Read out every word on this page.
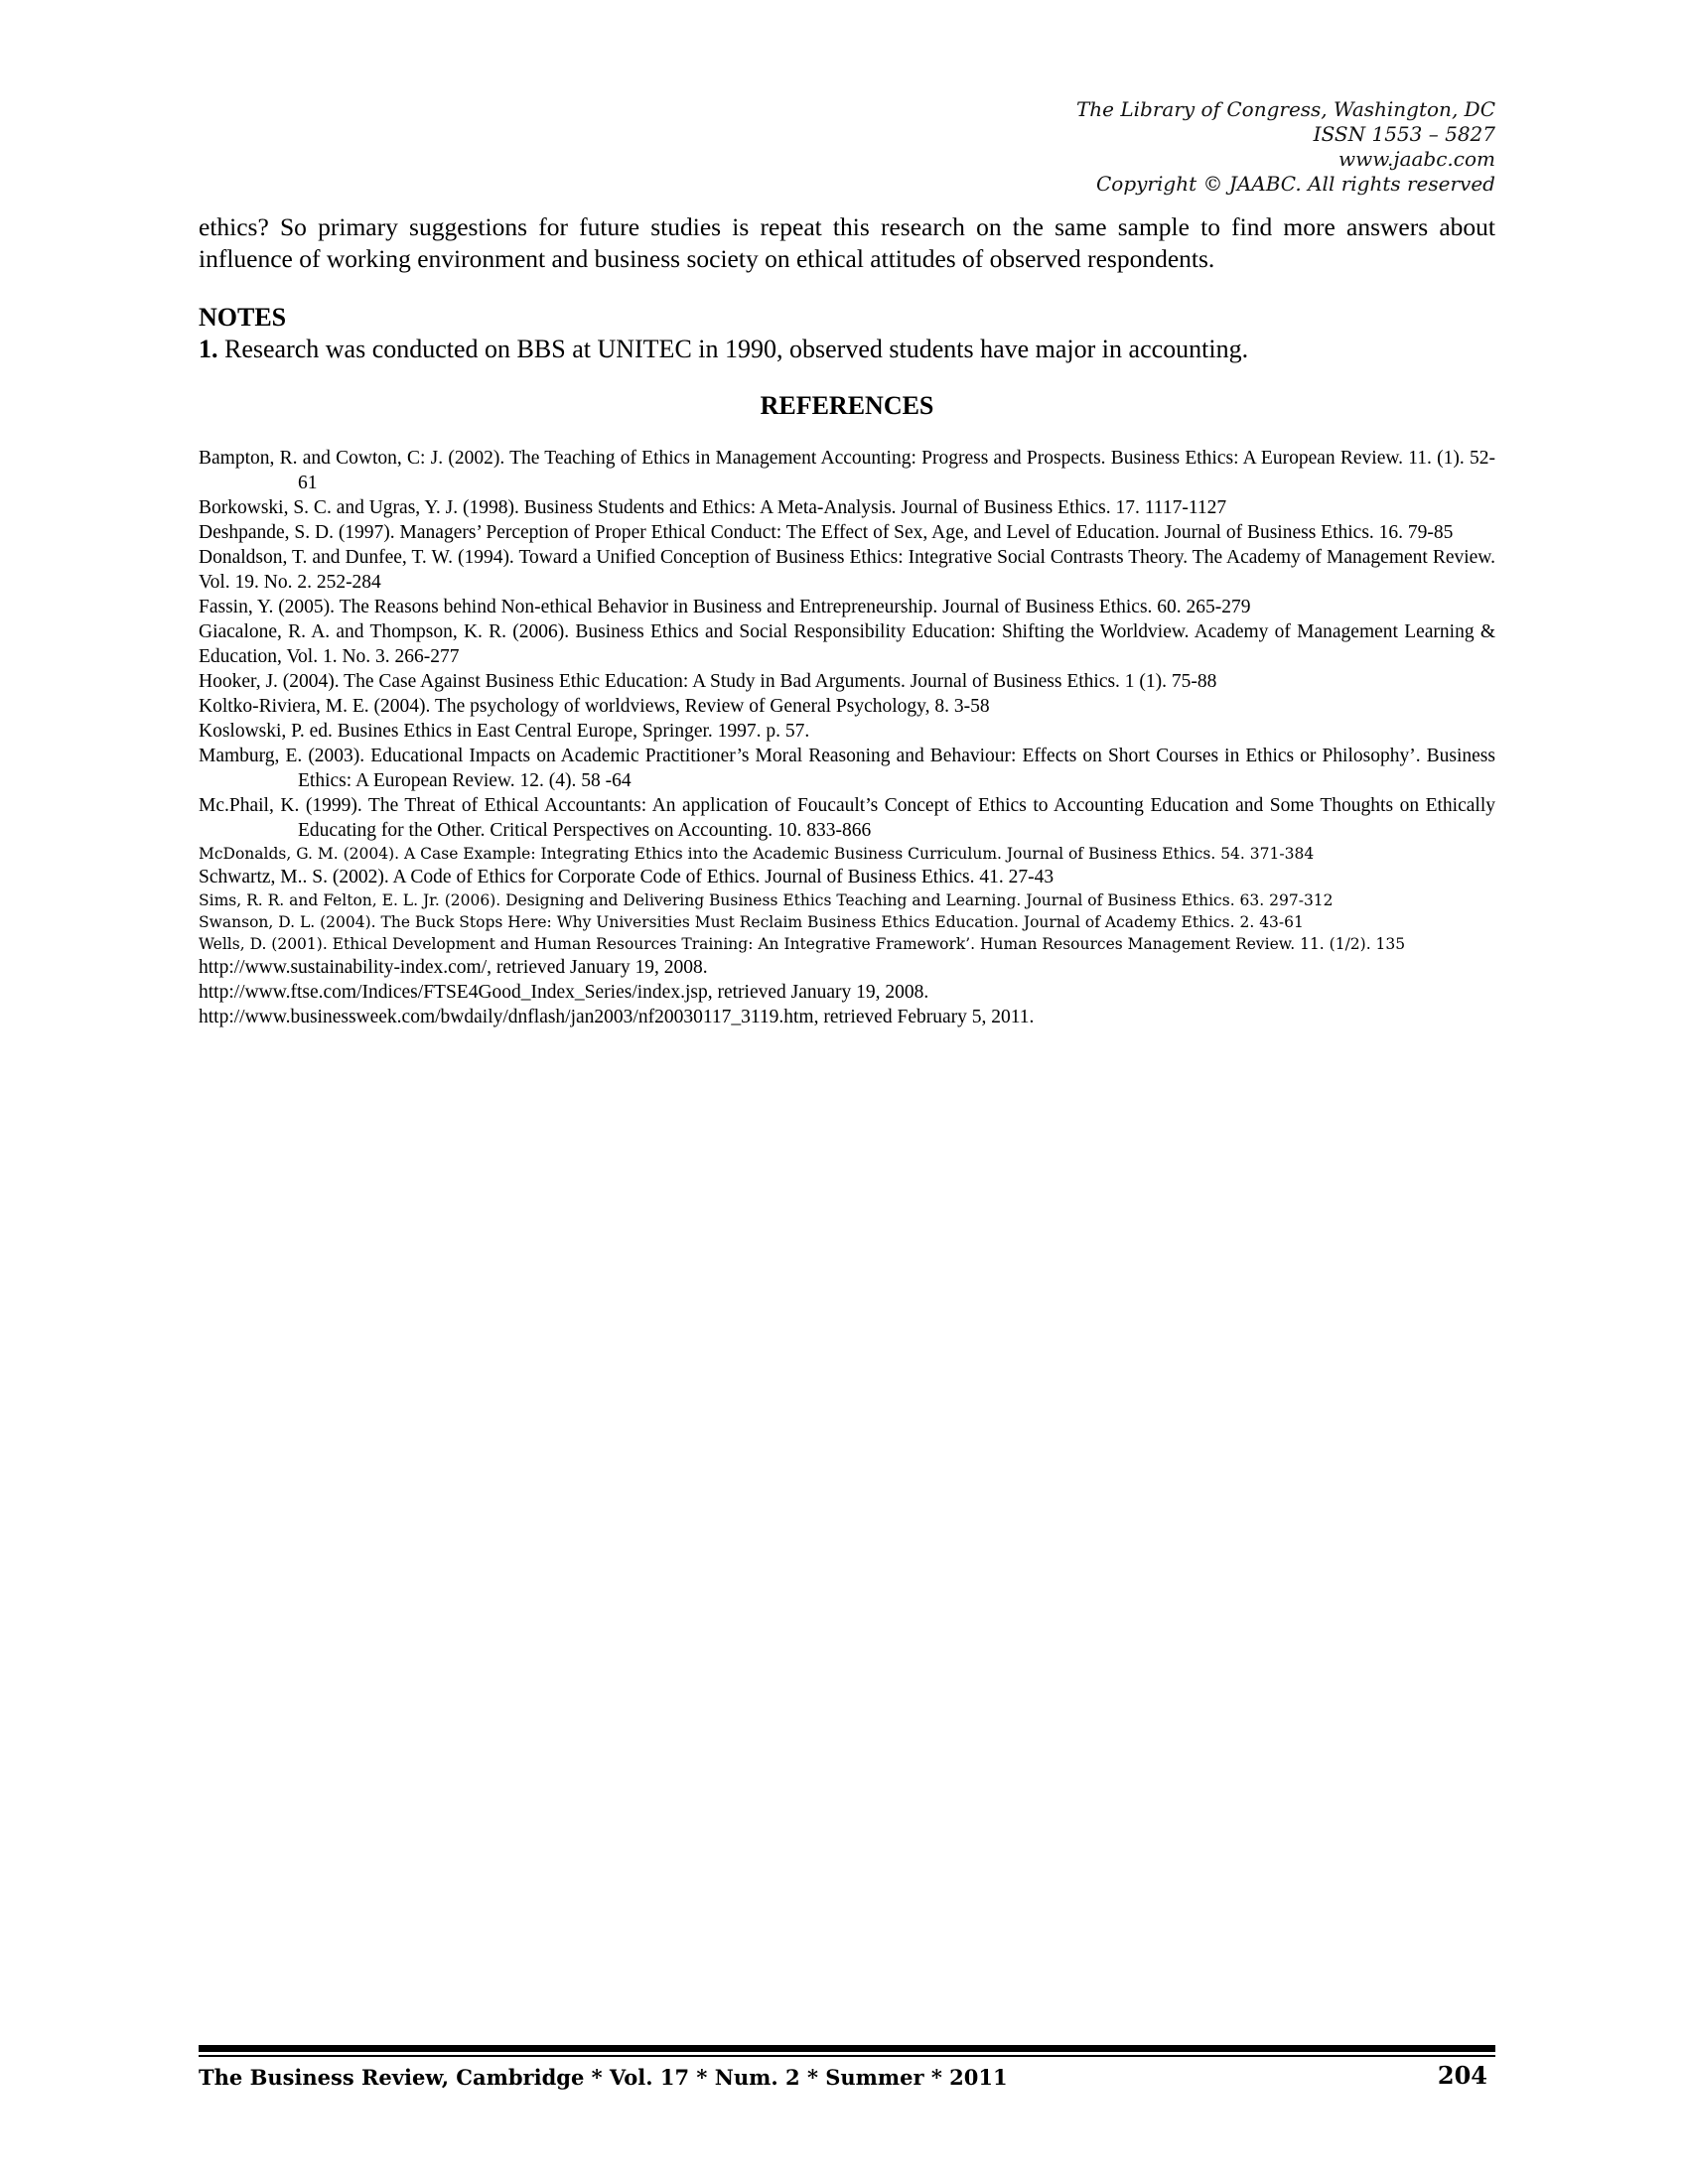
The Library of Congress, Washington, DC
ISSN 1553 – 5827
www.jaabc.com
Copyright © JAABC. All rights reserved

ethics? So primary suggestions for future studies is repeat this research on the same sample to find more answers about influence of working environment and business society on ethical attitudes of observed respondents.

NOTES
1. Research was conducted on BBS at UNITEC in 1990, observed students have major in accounting.
REFERENCES

Bampton, R. and Cowton, C: J. (2002). The Teaching of Ethics in Management Accounting: Progress and Prospects. Business Ethics: A European Review. 11. (1). 52-61

Borkowski, S. C. and Ugras, Y. J. (1998). Business Students and Ethics: A Meta-Analysis. Journal of Business Ethics. 17. 1117-1127

Deshpande, S. D. (1997). Managers’ Perception of Proper Ethical Conduct: The Effect of Sex, Age, and Level of Education. Journal of Business Ethics. 16. 79-85

Donaldson, T. and Dunfee, T. W. (1994). Toward a Unified Conception of Business Ethics: Integrative Social Contrasts Theory. The Academy of Management Review. Vol. 19. No. 2. 252-284

Fassin, Y. (2005). The Reasons behind Non-ethical Behavior in Business and Entrepreneurship. Journal of Business Ethics. 60. 265-279

Giacalone, R. A. and Thompson, K. R. (2006). Business Ethics and Social Responsibility Education: Shifting the Worldview. Academy of Management Learning & Education, Vol. 1. No. 3. 266-277

Hooker, J. (2004). The Case Against Business Ethic Education: A Study in Bad Arguments. Journal of Business Ethics. 1 (1). 75-88

Koltko-Riviera, M. E. (2004). The psychology of worldviews, Review of General Psychology, 8. 3-58

Koslowski, P. ed. Busines Ethics in East Central Europe, Springer. 1997. p. 57.

Mamburg, E. (2003). Educational Impacts on Academic Practitioner’s Moral Reasoning and Behaviour: Effects on Short Courses in Ethics or Philosophy’. Business Ethics: A European Review. 12. (4). 58 -64

Mc.Phail, K. (1999). The Threat of Ethical Accountants: An application of Foucault’s Concept of Ethics to Accounting Education and Some Thoughts on Ethically Educating for the Other. Critical Perspectives on Accounting. 10. 833-866

McDonalds, G. M. (2004). A Case Example: Integrating Ethics into the Academic Business Curriculum. Journal of Business Ethics. 54. 371-384

Schwartz, M.. S. (2002). A Code of Ethics for Corporate Code of Ethics. Journal of Business Ethics. 41. 27-43

Sims, R. R. and Felton, E. L. Jr. (2006). Designing and Delivering Business Ethics Teaching and Learning. Journal of Business Ethics. 63. 297-312

Swanson, D. L. (2004). The Buck Stops Here: Why Universities Must Reclaim Business Ethics Education. Journal of Academy Ethics. 2. 43-61

Wells, D. (2001). Ethical Development and Human Resources Training: An Integrative Framework’. Human Resources Management Review. 11. (1/2). 135

http://www.sustainability-index.com/, retrieved January 19, 2008.

http://www.ftse.com/Indices/FTSE4Good_Index_Series/index.jsp, retrieved January 19, 2008.

http://www.businessweek.com/bwdaily/dnflash/jan2003/nf20030117_3119.htm, retrieved February 5, 2011.

The Business Review, Cambridge * Vol. 17 * Num. 2 * Summer * 2011	204
